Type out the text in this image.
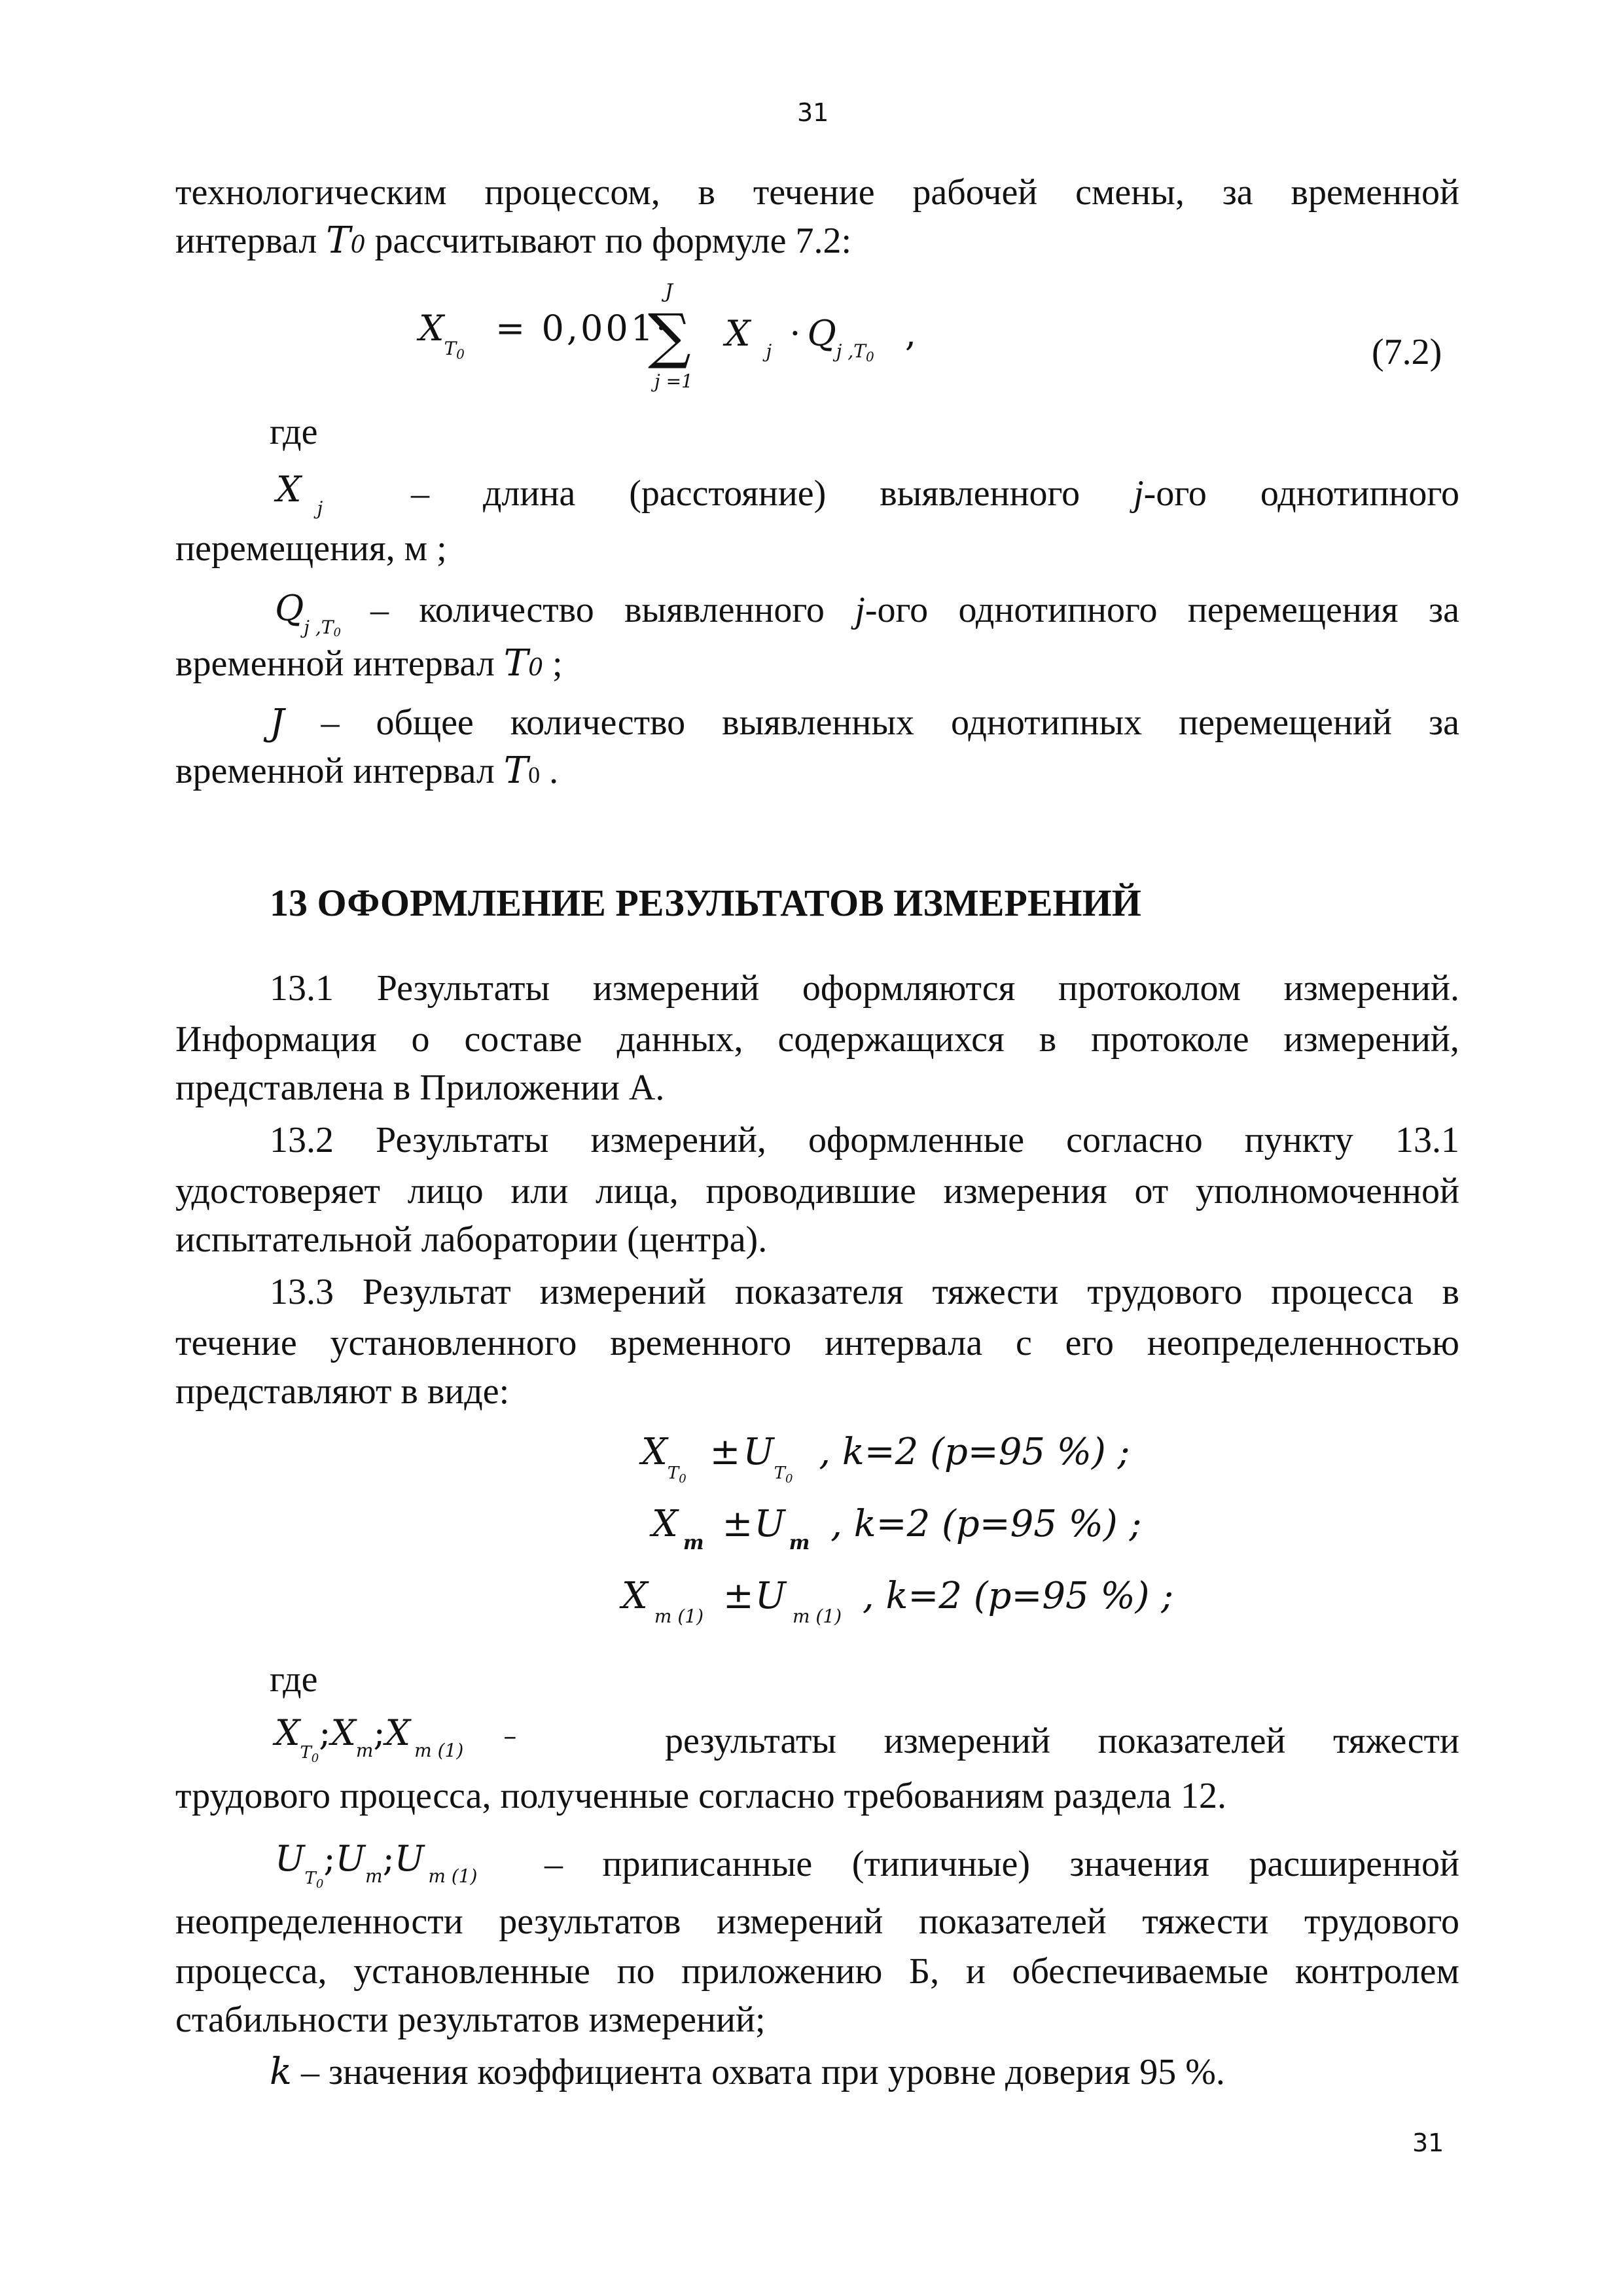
31
31
технологическим процессом, в течение рабочей смены, за временной
интервал T0 рассчитывают по формуле 7.2:
$X_{T0} = 0,001\cdot$
J
∑
j =1
X $_j \cdot Q_{j ,T0}$ ,	(7.2)
где
X $_j$ – длина (расстояние) выявленного j-ого однотипного
перемещения, м ;
$Q_{j ,T0}$
– количество выявленного j-ого однотипного перемещения за
временной интервал T0 ;
J – общее количество выявленных однотипных перемещений за
временной интервал T0 .
13 ОФОРМЛЕНИЕ РЕЗУЛЬТАТОВ ИЗМЕРЕНИЙ
13.1 Результаты измерений оформляются протоколом измерений.
Информация о составе данных, содержащихся в протоколе измерений,
представлена в Приложении А.
13.2 Результаты измерений, оформленные согласно пункту 13.1
удостоверяет лицо или лица, проводившие измерения от уполномоченной
испытательной лаборатории (центра).
13.3 Результат измерений показателя тяжести трудового процесса в
течение установленного временного интервала с его неопределенностью
представляют в виде:
$X_{T0} \pm U_{T0}$ , k=2 (p=95 %) ;
X $_m$ ±U $_m$ , k=2 (p=95 %) ;
X $_{m (1)}$ ±U $_{m (1)}$ , k=2 (p=95 %) ;
где
$X_{T0};X_m;X$ $_{m (1)}$ –	результаты измерений показателей тяжести
трудового процесса, полученные согласно требованиям раздела 12.
$U_{T0};U_m;U$ $_{m (1)}$ – приписанные (типичные) значения расширенной
неопределенности результатов измерений показателей тяжести трудового
процесса, установленные по приложению Б, и обеспечиваемые контролем
стабильности результатов измерений;
k – значения коэффициента охвата при уровне доверия 95 %.
